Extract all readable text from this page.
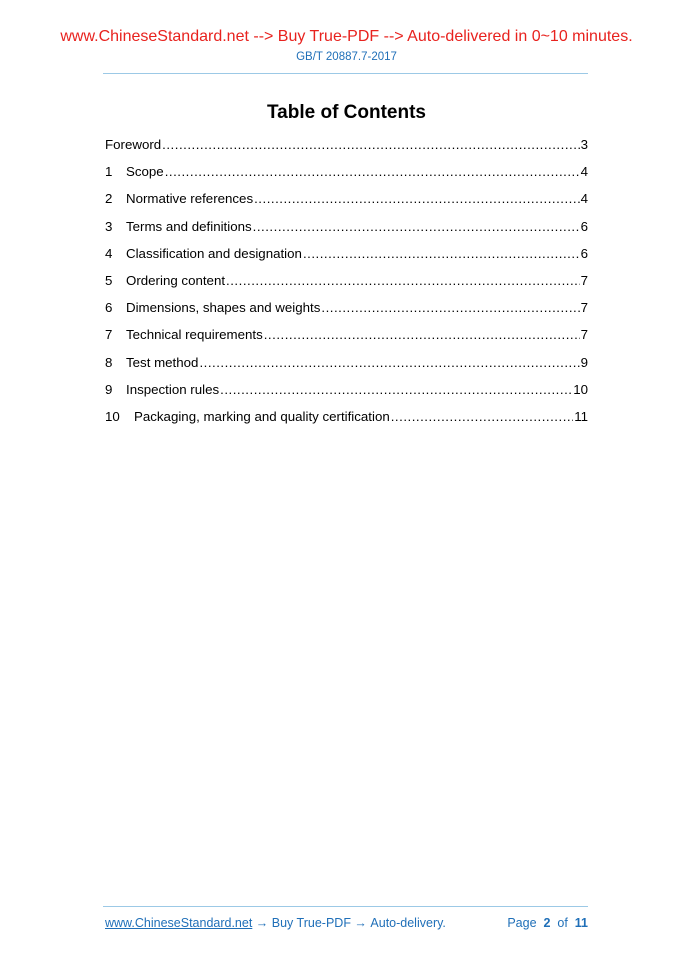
www.ChineseStandard.net --> Buy True-PDF --> Auto-delivered in 0~10 minutes.
GB/T 20887.7-2017
Table of Contents
Foreword .....	3
1	Scope .....	4
2	Normative references .....	4
3	Terms and definitions .....	6
4	Classification and designation .....	6
5	Ordering content .....	7
6	Dimensions, shapes and weights .....	7
7	Technical requirements .....	7
8	Test method .....	9
9	Inspection rules .....	10
10	Packaging, marking and quality certification .....	11
www.ChineseStandard.net → Buy True-PDF → Auto-delivery.	Page 2 of 11
